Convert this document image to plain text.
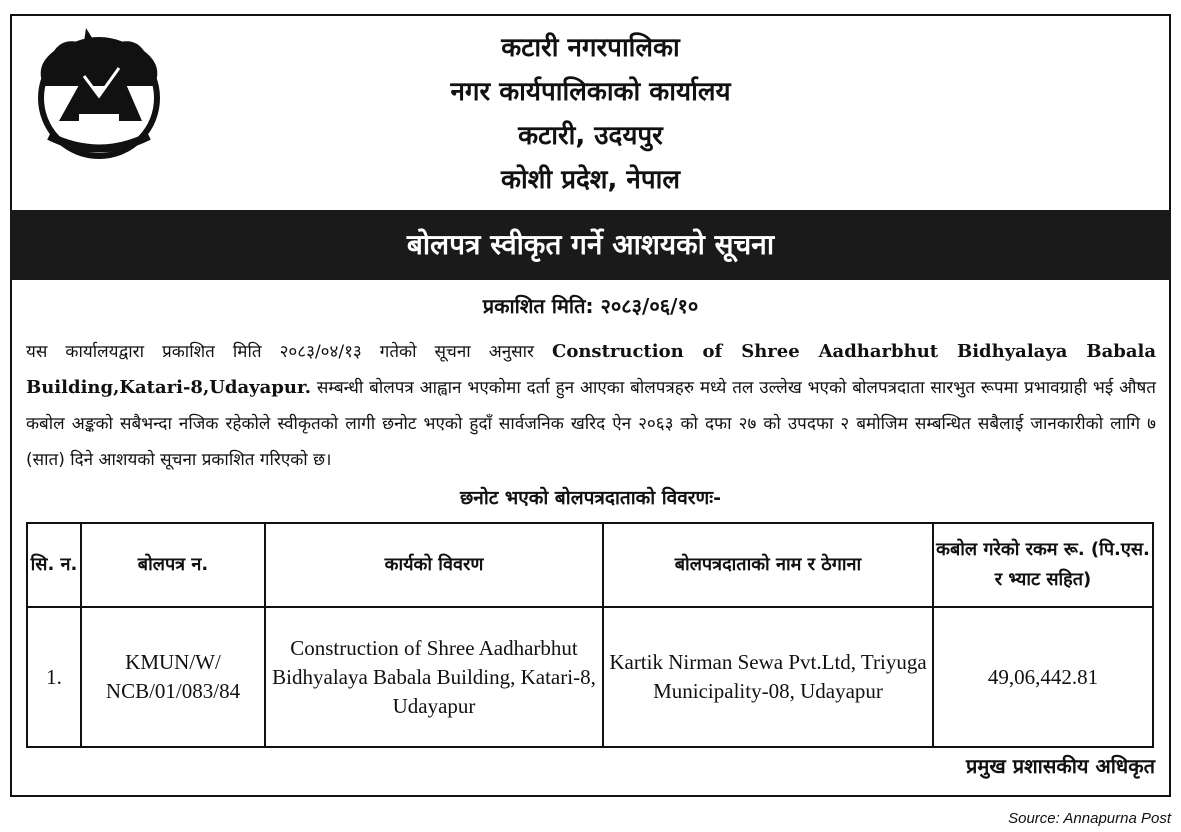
कटारी नगरपालिका
नगर कार्यपालिकाको कार्यालय
कटारी, उदयपुर
कोशी प्रदेश, नेपाल
बोलपत्र स्वीकृत गर्ने आशयको सूचना
प्रकाशित मिति: २०८३/०६/१०
यस कार्यालयद्वारा प्रकाशित मिति २०८३/०४/१३ गतेको सूचना अनुसार Construction of Shree Aadharbhut Bidhyalaya Babala Building,Katari-8,Udayapur. सम्बन्धी बोलपत्र आह्वान भएकोमा दर्ता हुन आएका बोलपत्रहरु मध्ये तल उल्लेख भएको बोलपत्रदाता सारभुत रूपमा प्रभावग्राही भई औषत कबोल अङ्कको सबैभन्दा नजिक रहेकोले स्वीकृतको लागी छनोट भएको हुदाँ सार्वजनिक खरिद ऐन २०६३ को दफा २७ को उपदफा २ बमोजिम सम्बन्धित सबैलाई जानकारीको लागि ७ (सात) दिने आशयको सूचना प्रकाशित गरिएको छ।
छनोट भएको बोलपत्रदाताको विवरणः-
सि. न.	बोलपत्र न.	कार्यको विवरण	बोलपत्रदाताको नाम र ठेगाना	कबोल गरेको रकम रू. (पि.एस. र भ्याट सहित)
1.	KMUN/W/ NCB/01/083/84	Construction of Shree Aadharbhut Bidhyalaya Babala Building, Katari-8, Udayapur	Kartik Nirman Sewa Pvt.Ltd, Triyuga Municipality-08, Udayapur	49,06,442.81
प्रमुख प्रशासकीय अधिकृत
Source: Annapurna Post
